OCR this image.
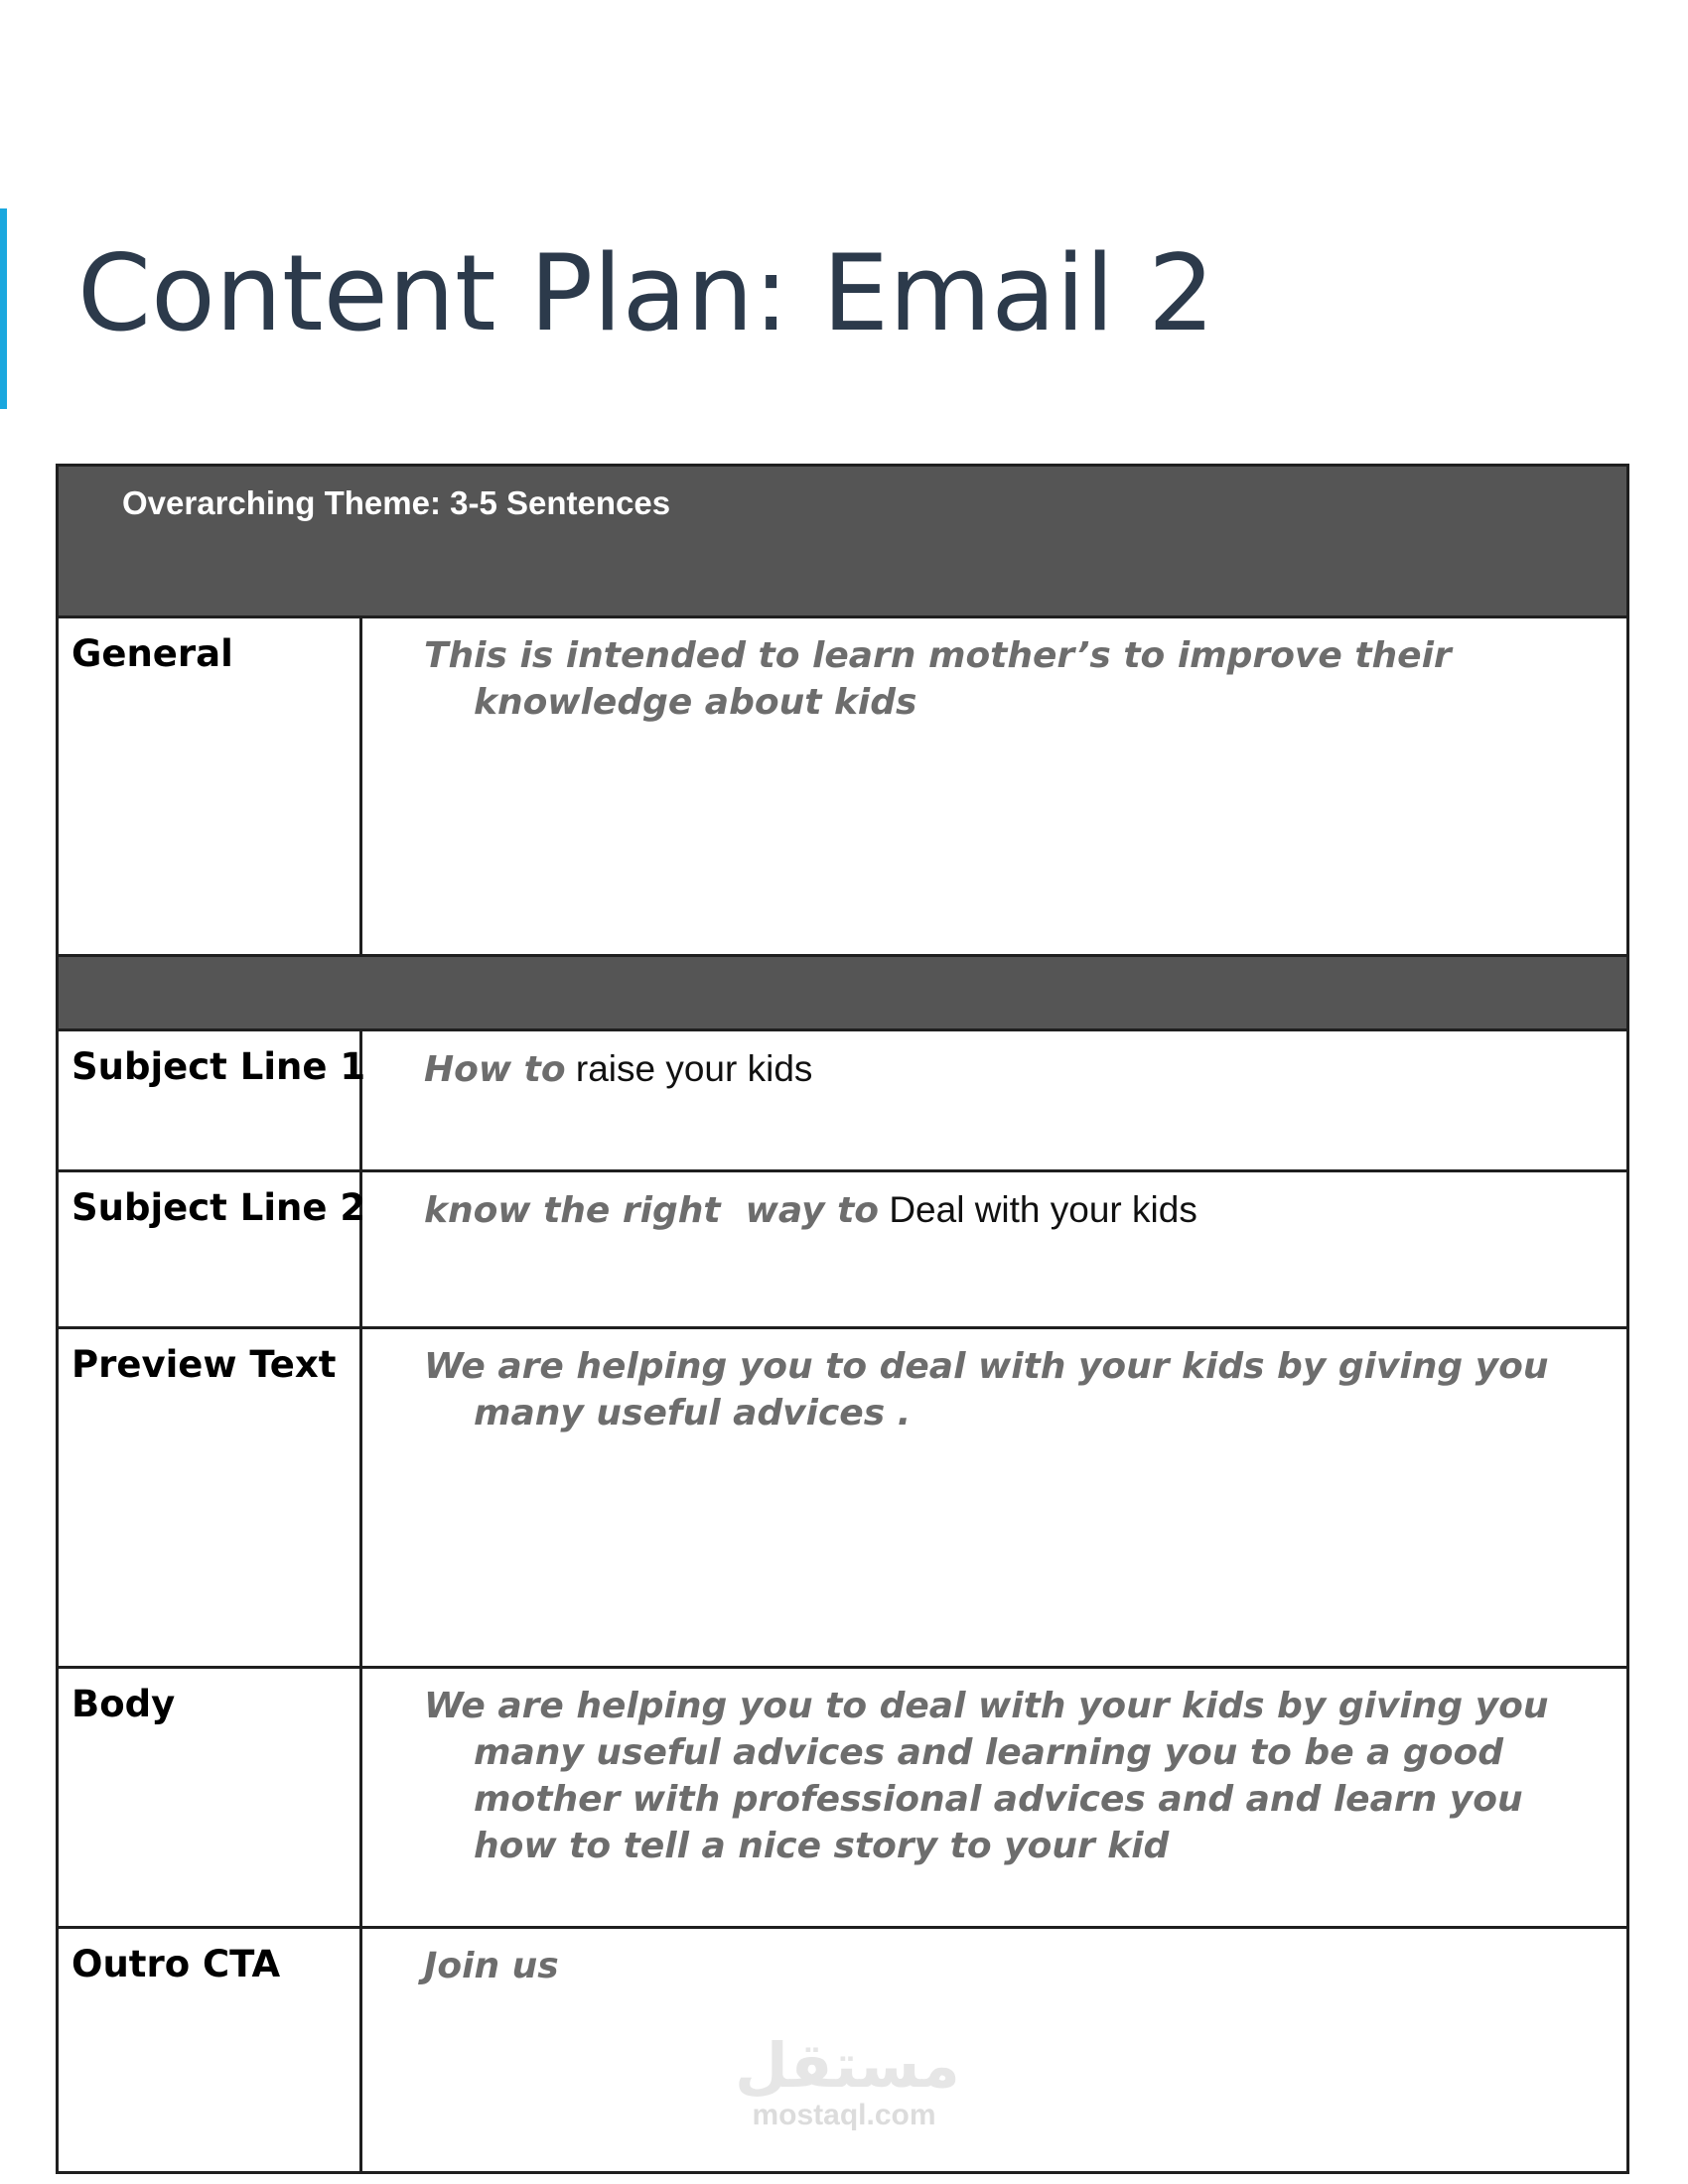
Content Plan: Email 2
Overarching Theme: 3-5 Sentences	

General	This is intended to learn mother’s to improve their knowledge about kids

Subject Line 1	How to raise your kids

Subject Line 2	know the right  way to Deal with your kids

Preview Text	We are helping you to deal with your kids by giving you many useful advices .

Body	We are helping you to deal with your kids by giving you many useful advices and learning you to be a good mother with professional advices and and learn you how to tell a nice story to your kid

Outro CTA	Join us

مستقل
mostaql.com
